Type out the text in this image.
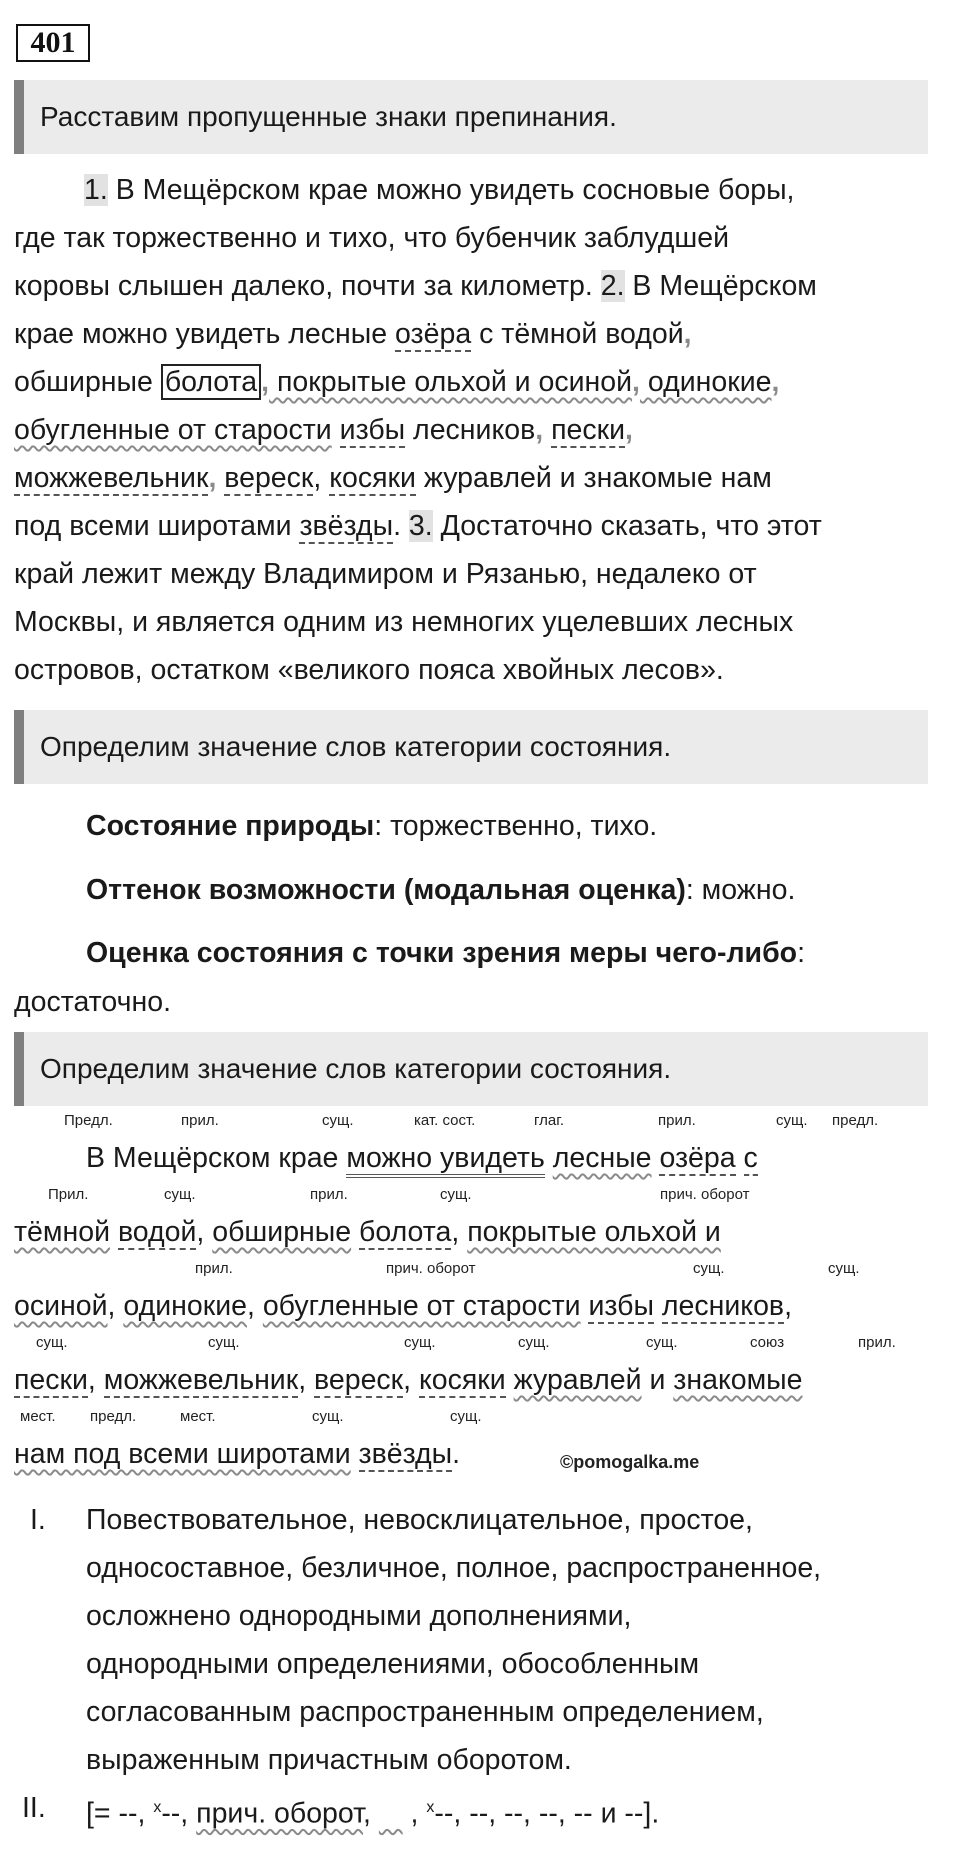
401
Расставим пропущенные знаки препинания.
1. В Мещёрском крае можно увидеть сосновые боры,
где так торжественно и тихо, что бубенчик заблудшей
коровы слышен далеко, почти за километр. 2. В Мещёрском
крае можно увидеть лесные озёра с тёмной водой,
обширные болота , покрытые ольхой и осиной, одинокие,
обугленные от старости избы лесников, пески,
можжевельник, вереск, косяки журавлей и знакомые нам
под всеми широтами звёзды. 3. Достаточно сказать, что этот
край лежит между Владимиром и Рязанью, недалеко от
Москвы, и является одним из немногих уцелевших лесных
островов, остатком «великого пояса хвойных лесов».
Определим значение слов категории состояния.
Состояние природы: торжественно, тихо.
Оттенок возможности (модальная оценка): можно.
Оценка состояния с точки зрения меры чего-либо:
достаточно.
Определим значение слов категории состояния.
Предл.	прил.	сущ.	кат. сост.	глаг.	прил.	сущ. предл.
В Мещёрском крае можно увидеть лесные озёра с
Прил.	сущ.	прил.	сущ.	прич. оборот
тёмной водой, обширные болота, покрытые ольхой и
прил.	прич. оборот	сущ.	сущ.
осиной, одинокие, обугленные от старости избы лесников,
сущ.	сущ.	сущ.	сущ.	сущ.	союз	прил.
пески, можжевельник, вереск, косяки журавлей и знакомые
мест. предл.	мест.	сущ.	сущ.
нам под всеми широтами звёзды.	©pomogalka.me
I. Повествовательное, невосклицательное, простое,
односоставное, безличное, полное, распространенное,
осложнено однородными дополнениями,
однородными определениями, обособленным
согласованным распространенным определением,
выраженным причастным оборотом.
II. [= --, $^x$--, прич. оборот, ... , $^x$--, --, --, --, -- и --].
